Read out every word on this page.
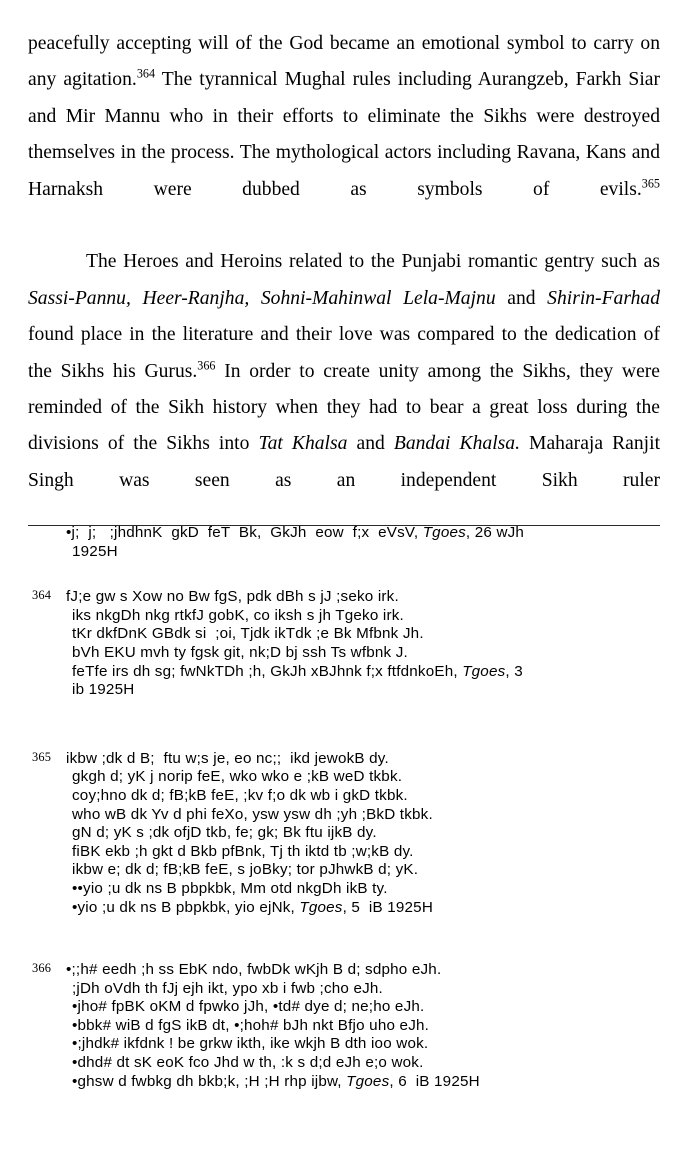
peacefully accepting will of the God became an emotional symbol to carry on any agitation.$^{364}$ The tyrannical Mughal rules including Aurangzeb, Farkh Siar and Mir Mannu who in their efforts to eliminate the Sikhs were destroyed themselves in the process. The mythological actors including Ravana, Kans and Harnaksh were dubbed as symbols of evils.$^{365}$

The Heroes and Heroins related to the Punjabi romantic gentry such as Sassi-Pannu, Heer-Ranjha, Sohni-Mahinwal Lela-Majnu and Shirin-Farhad found place in the literature and their love was compared to the dedication of the Sikhs his Gurus.$^{366}$ In order to create unity among the Sikhs, they were reminded of the Sikh history when they had to bear a great loss during the divisions of the Sikhs into Tat Khalsa and Bandai Khalsa. Maharaja Ranjit Singh was seen as an independent Sikh ruler

•j;  j;   ;jhdhnK  gkD  feT  Bk,  GkJh  eow  f;x  eVsV, Tgoes, 26 wJh
1925H
364 fJ;e gw s Xow no Bw fgS, pdk dBh s jJ ;seko irk.
iks nkgDh nkg rtkfJ gobK, co iksh s jh Tgeko irk.
tKr dkfDnK GBdk si  ;oi, Tjdk ikTdk ;e Bk Mfbnk Jh.
bVh EKU mvh ty fgsk git, nk;D bj ssh Ts wfbnk J.
feTfe irs dh sg; fwNkTDh ;h, GkJh xBJhnk f;x ftfdnkoEh, Tgoes, 3
ib 1925H
365 ikbw ;dk d B;  ftu w;s je, eo nc;;  ikd jewokB dy.
gkgh d; yK j norip feE, wko wko e ;kB weD tkbk.
coy;hno dk d; fB;kB feE, ;kv f;o dk wb i gkD tkbk.
who wB dk Yv d phi feXo, ysw ysw dh ;yh ;BkD tkbk.
gN d; yK s ;dk ofjD tkb, fe; gk; Bk ftu ijkB dy.
fiBK ekb ;h gkt d Bkb pfBnk, Tj th iktd tb ;w;kB dy.
ikbw e; dk d; fB;kB feE, s joBky; tor pJhwkB d; yK.
••yio ;u dk ns B pbpkbk, Mm otd nkgDh ikB ty.
•yio ;u dk ns B pbpkbk, yio ejNk, Tgoes, 5  iB 1925H
366 •;;h# eedh ;h ss EbK ndo, fwbDk wKjh B d; sdpho eJh.
;jDh oVdh th fJj ejh ikt, ypo xb i fwb ;cho eJh.
•jho# fpBK oKM d fpwko jJh, •td# dye d; ne;ho eJh.
•bbk# wiB d fgS ikB dt, •;hoh# bJh nkt Bfjo uho eJh.
•;jhdk# ikfdnk ! be grkw ikth, ike wkjh B dth ioo wok.
•dhd# dt sK eoK fco Jhd w th, :k s d;d eJh e;o wok.
•ghsw d fwbkg dh bkb;k, ;H ;H rhp ijbw, Tgoes, 6  iB 1925H
